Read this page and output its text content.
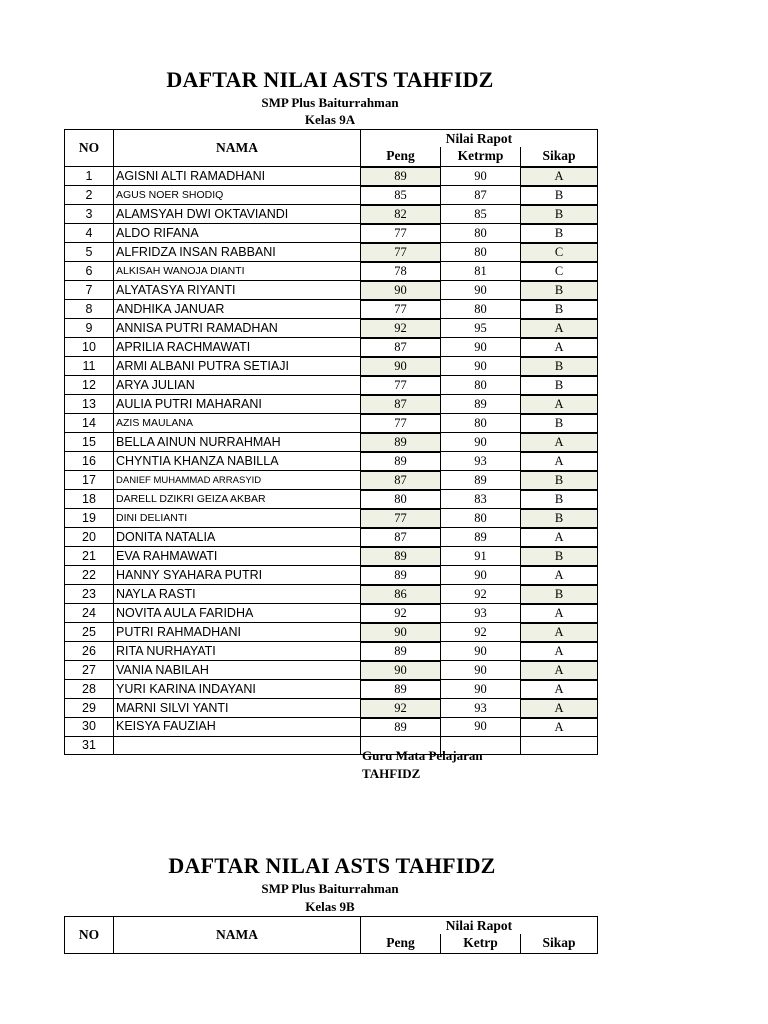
DAFTAR NILAI ASTS TAHFIDZ
SMP Plus Baiturrahman
Kelas 9A
NO	NAMA	Nilai Rapot		
		Peng	Ketrmp	Sikap
1	AGISNI ALTI RAMADHANI	89	90	A
2	AGUS NOER SHODIQ	85	87	B
3	ALAMSYAH DWI OKTAVIANDI	82	85	B
4	ALDO RIFANA	77	80	B
5	ALFRIDZA INSAN RABBANI	77	80	C
6	ALKISAH WANOJA DIANTI	78	81	C
7	ALYATASYA RIYANTI	90	90	B
8	ANDHIKA JANUAR	77	80	B
9	ANNISA PUTRI RAMADHAN	92	95	A
10	APRILIA RACHMAWATI	87	90	A
11	ARMI ALBANI PUTRA SETIAJI	90	90	B
12	ARYA JULIAN	77	80	B
13	AULIA PUTRI MAHARANI	87	89	A
14	AZIS MAULANA	77	80	B
15	BELLA AINUN NURRAHMAH	89	90	A
16	CHYNTIA KHANZA NABILLA	89	93	A
17	DANIEF MUHAMMAD ARRASYID	87	89	B
18	DARELL DZIKRI GEIZA AKBAR	80	83	B
19	DINI DELIANTI	77	80	B
20	DONITA NATALIA	87	89	A
21	EVA RAHMAWATI	89	91	B
22	HANNY SYAHARA PUTRI	89	90	A
23	NAYLA RASTI	86	92	B
24	NOVITA AULA FARIDHA	92	93	A
25	PUTRI RAHMADHANI	90	92	A
26	RITA NURHAYATI	89	90	A
27	VANIA NABILAH	90	90	A
28	YURI KARINA INDAYANI	89	90	A
29	MARNI SILVI YANTI	92	93	A
30	KEISYA FAUZIAH	89	90	A
31				
Guru Mata Pelajaran
TAHFIDZ
DAFTAR NILAI ASTS TAHFIDZ
SMP Plus Baiturrahman
Kelas 9B
NO	NAMA	Nilai Rapot		
		Peng	Ketrp	Sikap
